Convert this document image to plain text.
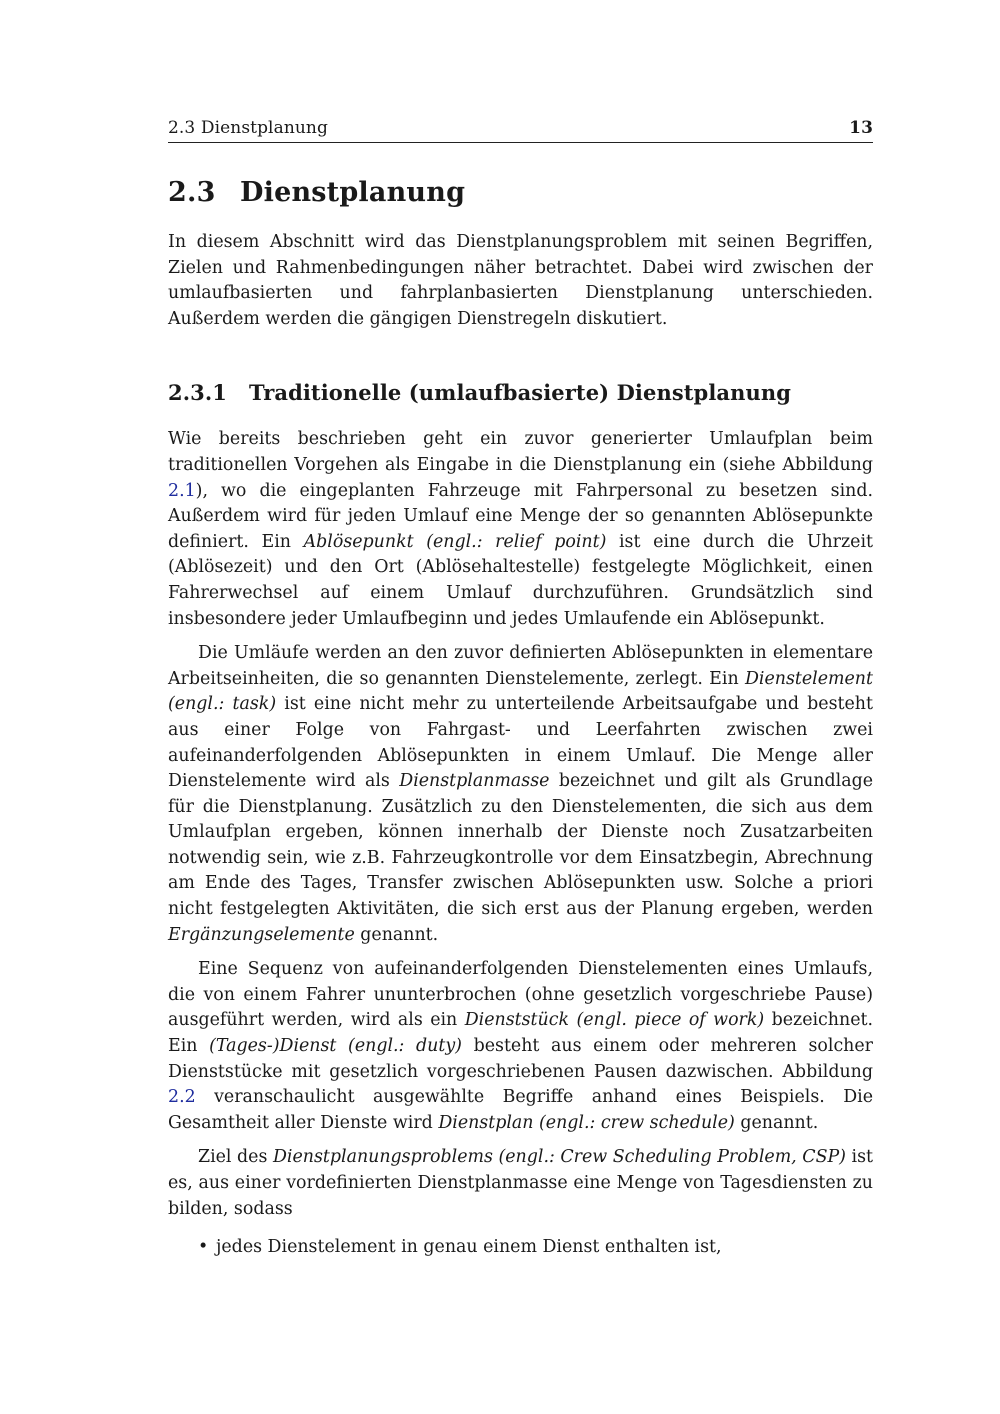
2.3 Dienstplanung	13
2.3 Dienstplanung

In diesem Abschnitt wird das Dienstplanungsproblem mit seinen Begriffen, Zielen und Rahmenbedingungen näher betrachtet. Dabei wird zwischen der umlaufbasierten und fahrplanbasierten Dienstplanung unterschieden. Außerdem werden die gängigen Dienstregeln diskutiert.

2.3.1	Traditionelle (umlaufbasierte) Dienstplanung

Wie bereits beschrieben geht ein zuvor generierter Umlaufplan beim traditionellen Vorgehen als Eingabe in die Dienstplanung ein (siehe Abbildung 2.1), wo die eingeplanten Fahrzeuge mit Fahrpersonal zu besetzen sind. Außerdem wird für jeden Umlauf eine Menge der so genannten Ablösepunkte definiert. Ein Ablösepunkt (engl.: relief point) ist eine durch die Uhrzeit (Ablösezeit) und den Ort (Ablösehaltestelle) festgelegte Möglichkeit, einen Fahrerwechsel auf einem Umlauf durchzuführen. Grundsätzlich sind insbesondere jeder Umlaufbeginn und jedes Umlaufende ein Ablösepunkt.

Die Umläufe werden an den zuvor definierten Ablösepunkten in elementare Arbeitseinheiten, die so genannten Dienstelemente, zerlegt. Ein Dienstelement (engl.: task) ist eine nicht mehr zu unterteilende Arbeitsaufgabe und besteht aus einer Folge von Fahrgast- und Leerfahrten zwischen zwei aufeinanderfolgenden Ablösepunkten in einem Umlauf. Die Menge aller Dienstelemente wird als Dienstplanmasse bezeichnet und gilt als Grundlage für die Dienstplanung. Zusätzlich zu den Dienstelementen, die sich aus dem Umlaufplan ergeben, können innerhalb der Dienste noch Zusatzarbeiten notwendig sein, wie z.B. Fahrzeugkontrolle vor dem Einsatzbegin, Abrechnung am Ende des Tages, Transfer zwischen Ablösepunkten usw. Solche a priori nicht festgelegten Aktivitäten, die sich erst aus der Planung ergeben, werden Ergänzungselemente genannt.

Eine Sequenz von aufeinanderfolgenden Dienstelementen eines Umlaufs, die von einem Fahrer ununterbrochen (ohne gesetzlich vorgeschriebe Pause) ausgeführt werden, wird als ein Dienststück (engl. piece of work) bezeichnet. Ein (Tages-)Dienst (engl.: duty) besteht aus einem oder mehreren solcher Dienststücke mit gesetzlich vorgeschriebenen Pausen dazwischen. Abbildung 2.2 veranschaulicht ausgewählte Begriffe anhand eines Beispiels. Die Gesamtheit aller Dienste wird Dienstplan (engl.: crew schedule) genannt.

Ziel des Dienstplanungsproblems (engl.: Crew Scheduling Problem, CSP) ist es, aus einer vordefinierten Dienstplanmasse eine Menge von Tagesdiensten zu bilden, sodass

• jedes Dienstelement in genau einem Dienst enthalten ist,
